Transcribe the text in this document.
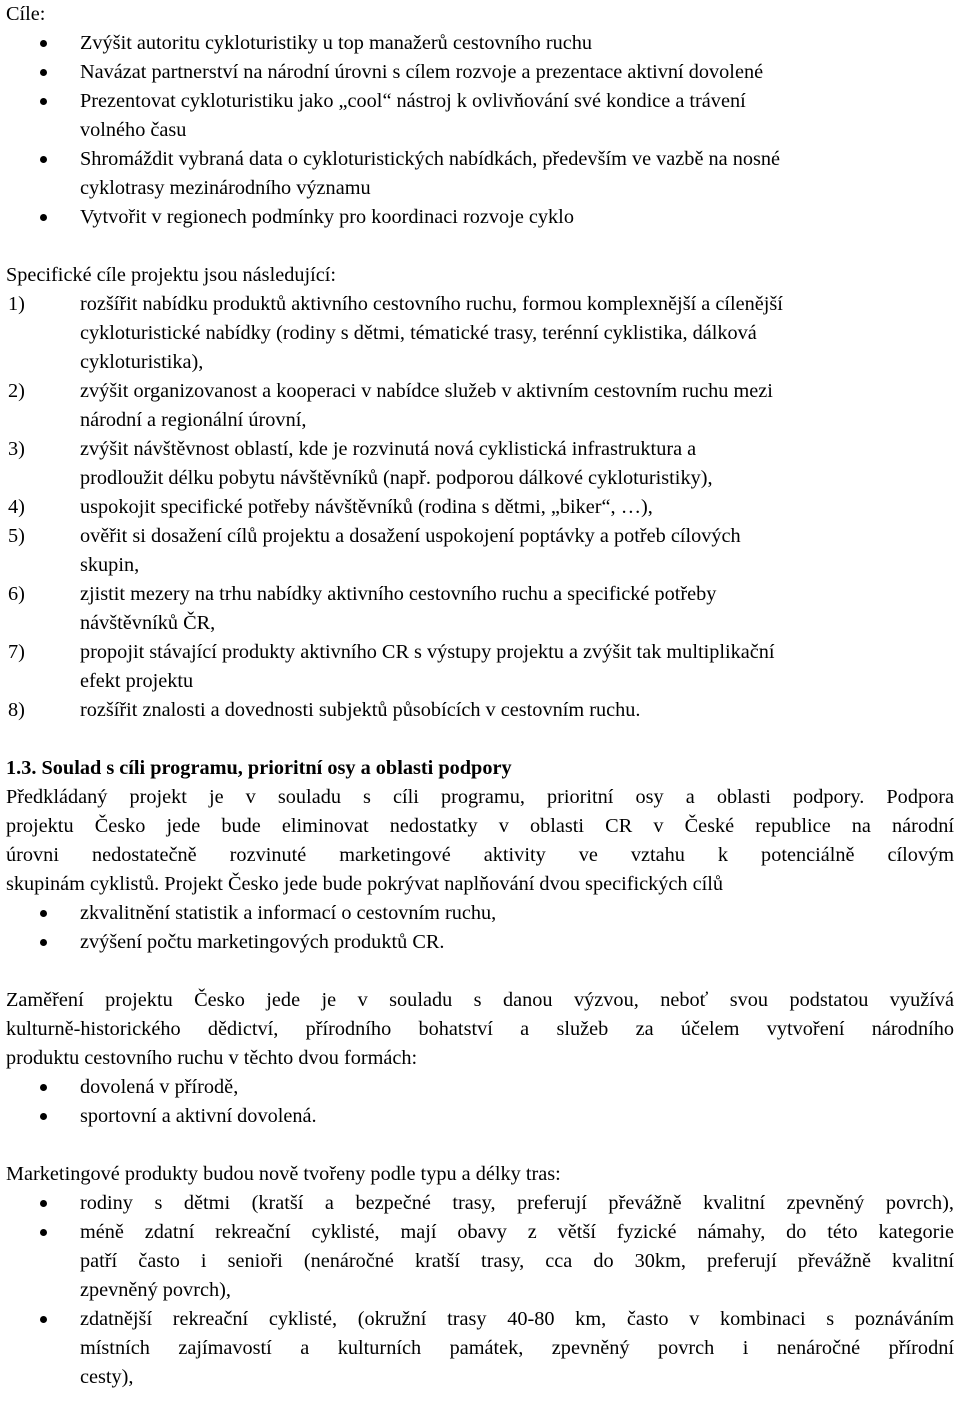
Cíle:
Zvýšit autoritu cykloturistiky u top manažerů cestovního ruchu
Navázat partnerství na národní úrovni s cílem rozvoje a prezentace aktivní dovolené
Prezentovat cykloturistiku jako „cool“ nástroj k ovlivňování své kondice a trávení
volného času
Shromáždit vybraná data o cykloturistických nabídkách, především ve vazbě na nosné
cyklotrasy mezinárodního významu
Vytvořit v regionech podmínky pro koordinaci rozvoje cyklo
Specifické cíle projektu jsou následující:
1)	rozšířit nabídku produktů aktivního cestovního ruchu, formou komplexnější a cílenější
cykloturistické nabídky (rodiny s dětmi, tématické trasy, terénní cyklistika, dálková
cykloturistika),
2)	zvýšit organizovanost a kooperaci v nabídce služeb v aktivním cestovním ruchu mezi
národní a regionální úrovní,
3)	zvýšit návštěvnost oblastí, kde je rozvinutá nová cyklistická infrastruktura a
prodloužit délku pobytu návštěvníků (např. podporou dálkové cykloturistiky),
4)	uspokojit specifické potřeby návštěvníků (rodina s dětmi, „biker“, …),
5)	ověřit si dosažení cílů projektu a dosažení uspokojení poptávky a potřeb cílových
skupin,
6)	zjistit mezery na trhu nabídky aktivního cestovního ruchu a specifické potřeby
návštěvníků ČR,
7)	propojit stávající produkty aktivního CR s výstupy projektu a zvýšit tak multiplikační
efekt projektu
8)	rozšířit znalosti a dovednosti subjektů působících v cestovním ruchu.
1.3. Soulad s cíli programu, prioritní osy a oblasti podpory
Předkládaný projekt je v souladu s cíli programu, prioritní osy a oblasti podpory. Podpora
projektu Česko jede bude eliminovat nedostatky v oblasti CR v České republice na národní
úrovni nedostatečně rozvinuté marketingové aktivity ve vztahu k potenciálně cílovým
skupinám cyklistů. Projekt Česko jede bude pokrývat naplňování dvou specifických cílů
zkvalitnění statistik a informací o cestovním ruchu,
zvýšení počtu marketingových produktů CR.
Zaměření projektu Česko jede je v souladu s danou výzvou, neboť svou podstatou využívá
kulturně-historického dědictví, přírodního bohatství a služeb za účelem vytvoření národního
produktu cestovního ruchu v těchto dvou formách:
dovolená v přírodě,
sportovní a aktivní dovolená.
Marketingové produkty budou nově tvořeny podle typu a délky tras:
rodiny s dětmi (kratší a bezpečné trasy, preferují převážně kvalitní zpevněný povrch),
méně zdatní rekreační cyklisté, mají obavy z větší fyzické námahy, do této kategorie
patří často i senioři (nenáročné kratší trasy, cca do 30km, preferují převážně kvalitní
zpevněný povrch),
zdatnější rekreační cyklisté, (okružní trasy 40-80 km, často v kombinaci s poznáváním
místních zajímavostí a kulturních památek, zpevněný povrch i nenáročné přírodní
cesty),
